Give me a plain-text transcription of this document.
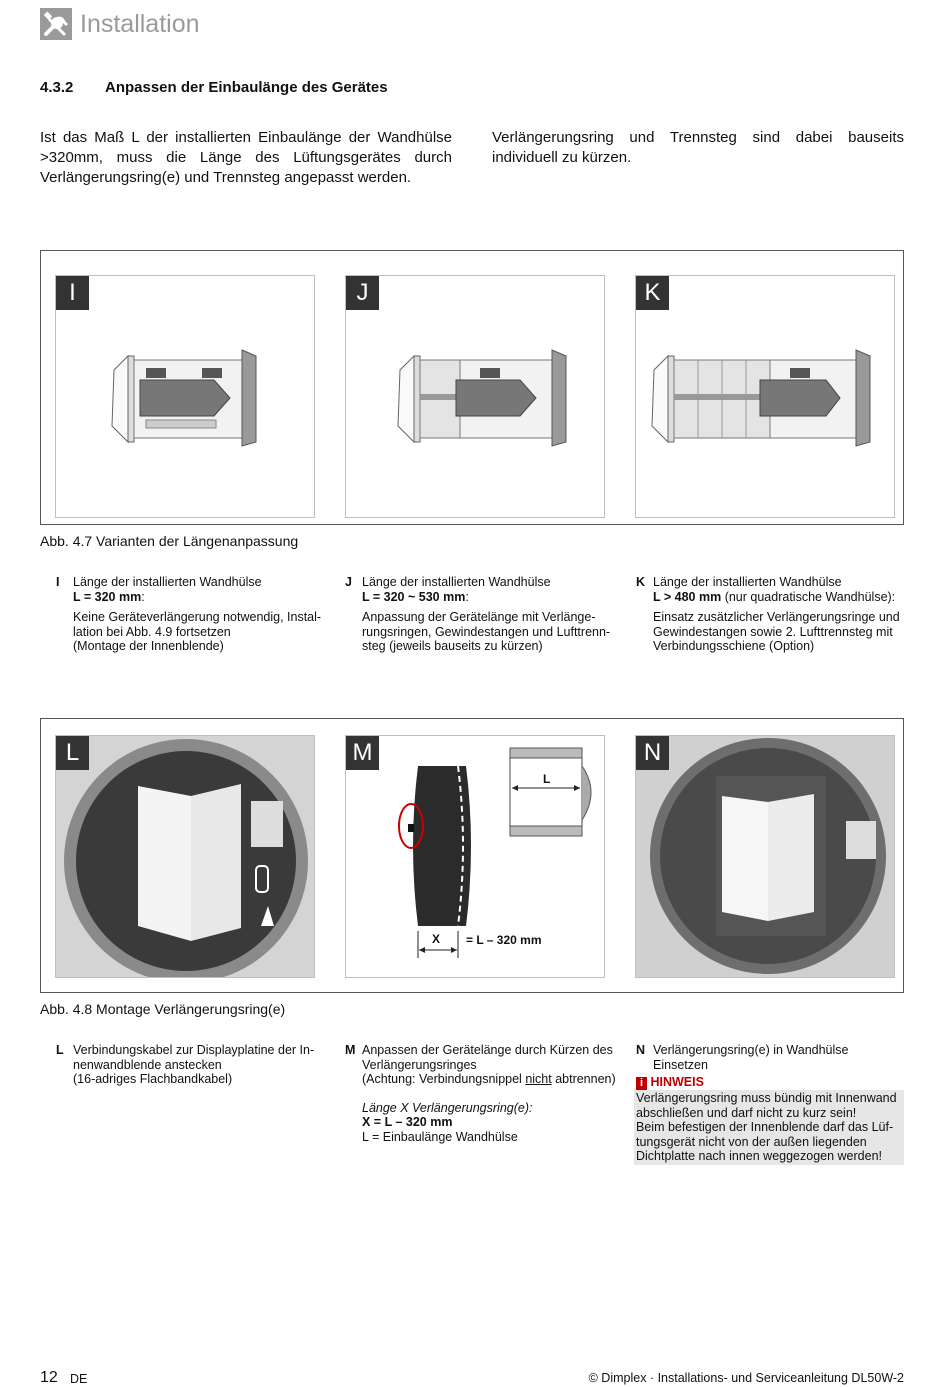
Installation
4.3.2 Anpassen der Einbaulänge des Gerätes
Ist das Maß L der installierten Einbaulänge der Wandhülse >320mm, muss die Länge des Lüftungsgerätes durch Verlängerungsring(e) und Trennsteg angepasst werden.
Verlängerungsring und Trennsteg sind dabei bauseits individuell zu kürzen.
I	J	K
Abb. 4.7 Varianten der Längenanpassung
I Länge der installierten Wandhülse

L = 320 mm:

Keine Geräteverlängerung notwendig, Instal-

lation bei Abb. 4.9 fortsetzen

(Montage der Innenblende)

J Länge der installierten Wandhülse

L = 320 ~ 530 mm:

Anpassung der Gerätelänge mit Verlänge-

rungsringen, Gewindestangen und Lufttrenn-

steg (jeweils bauseits zu kürzen)

K Länge der installierten Wandhülse

L > 480 mm (nur quadratische Wandhülse):

Einsatz zusätzlicher Verlängerungsringe und

Gewindestangen sowie 2. Lufttrennsteg mit

Verbindungsschiene (Option)

L
L
X = L – 320 mm
M	N
Abb. 4.8 Montage Verlängerungsring(e)
L Verbindungskabel zur Displayplatine der In-

nenwandblende anstecken

(16-adriges Flachbandkabel)

M Anpassen der Gerätelänge durch Kürzen des

Verlängerungsringes

(Achtung: Verbindungsnippel nicht abtrennen)

Länge X Verlängerungsring(e):

X = L – 320 mm

L = Einbaulänge Wandhülse

N Verlängerungsring(e) in Wandhülse

Einsetzen

i HINWEIS
Verlängerungsring muss bündig mit Innenwand
abschließen und darf nicht zu kurz sein!
Beim befestigen der Innenblende darf das Lüf-
tungsgerät nicht von der außen liegenden
Dichtplatte nach innen weggezogen werden!
12 DE	© Dimplex · Installations- und Serviceanleitung DL50W-2
